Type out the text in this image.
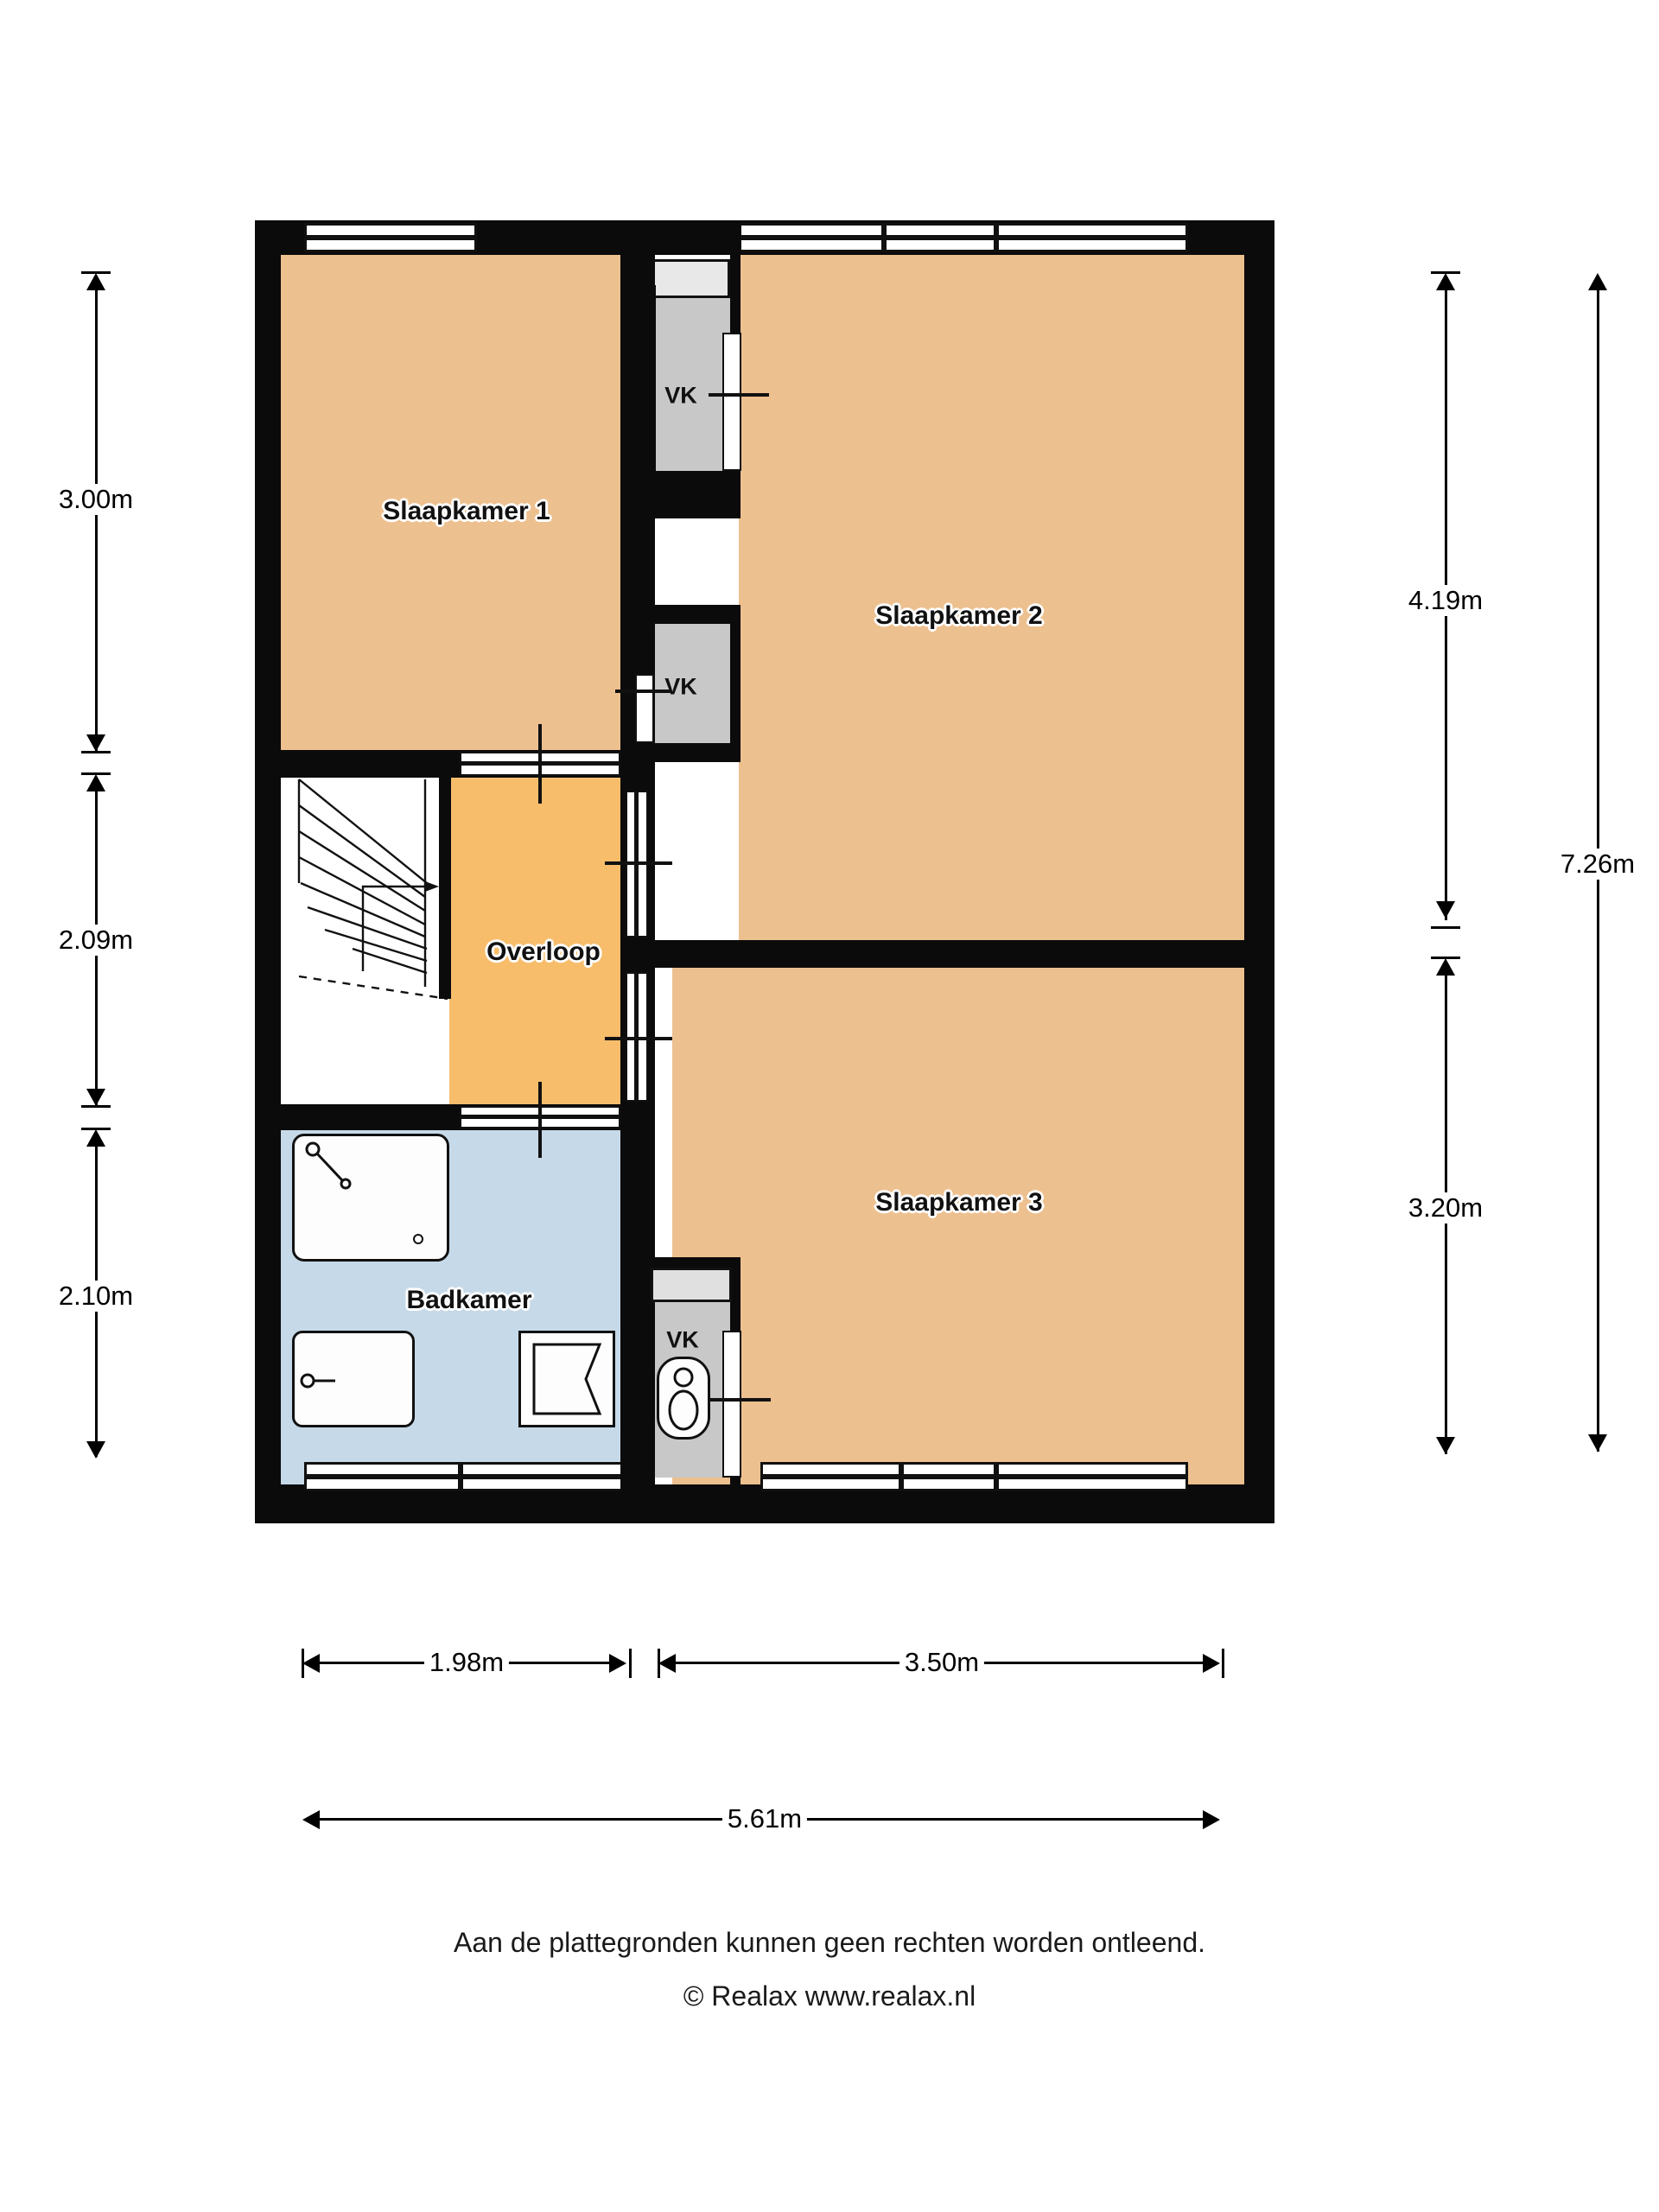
Slaapkamer 1
Slaapkamer 2
Slaapkamer 3
Overloop
Badkamer
VK
VK
VK
3.00m
2.09m
2.10m
4.19m
3.20m
7.26m
1.98m	3.50m
5.61m
Aan de plattegronden kunnen geen rechten worden ontleend.
© Realax www.realax.nl
